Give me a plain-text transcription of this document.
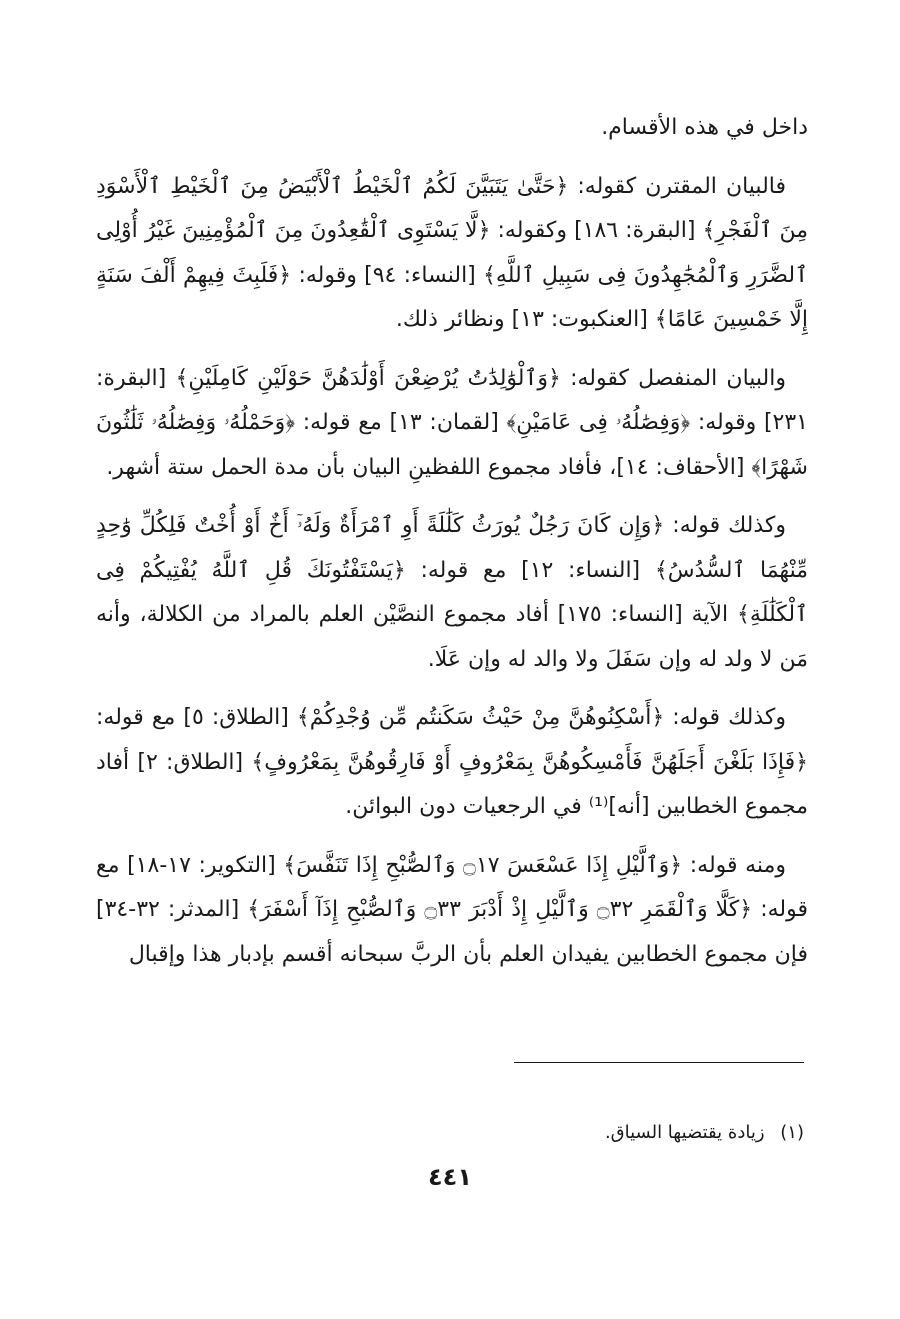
داخل في هذه الأقسام.

فالبيان المقترن كقوله: ﴿حَتَّىٰ يَتَبَيَّنَ لَكُمُ ٱلْخَيْطُ ٱلْأَبْيَضُ مِنَ ٱلْخَيْطِ ٱلْأَسْوَدِ مِنَ ٱلْفَجْرِ﴾ [البقرة: ١٨٦] وكقوله: ﴿لَّا يَسْتَوِى ٱلْقَٰعِدُونَ مِنَ ٱلْمُؤْمِنِينَ غَيْرُ أُوْلِى ٱلضَّرَرِ وَٱلْمُجَٰهِدُونَ فِى سَبِيلِ ٱللَّهِ﴾ [النساء: ٩٤] وقوله: ﴿فَلَبِثَ فِيهِمْ أَلْفَ سَنَةٍ إِلَّا خَمْسِينَ عَامًا﴾ [العنكبوت: ١٣] ونظائر ذلك.

والبيان المنفصل كقوله: ﴿وَٱلْوَٰلِدَٰتُ يُرْضِعْنَ أَوْلَٰدَهُنَّ حَوْلَيْنِ كَامِلَيْنِ﴾ [البقرة: ٢٣١] وقوله: ﴿وَفِصَٰلُهُۥ فِى عَامَيْنِ﴾ [لقمان: ١٣] مع قوله: ﴿وَحَمْلُهُۥ وَفِصَٰلُهُۥ ثَلَٰثُونَ شَهْرًا﴾ [الأحقاف: ١٤]، فأفاد مجموع اللفظينِ البيان بأن مدة الحمل ستة أشهر.

وكذلك قوله: ﴿وَإِن كَانَ رَجُلٌ يُورَثُ كَلَٰلَةً أَوِ ٱمْرَأَةٌ وَلَهُۥٓ أَخٌ أَوْ أُخْتٌ فَلِكُلِّ وَٰحِدٍ مِّنْهُمَا ٱلسُّدُسُ﴾ [النساء: ١٢] مع قوله: ﴿يَسْتَفْتُونَكَ قُلِ ٱللَّهُ يُفْتِيكُمْ فِى ٱلْكَلَٰلَةِ﴾ الآية [النساء: ١٧٥] أفاد مجموع النصَّيْن العلم بالمراد من الكلالة، وأنه مَن لا ولد له وإن سَفَلَ ولا والد له وإن عَلَا.

وكذلك قوله: ﴿أَسْكِنُوهُنَّ مِنْ حَيْثُ سَكَنتُم مِّن وُجْدِكُمْ﴾ [الطلاق: ٥] مع قوله: ﴿فَإِذَا بَلَغْنَ أَجَلَهُنَّ فَأَمْسِكُوهُنَّ بِمَعْرُوفٍ أَوْ فَارِقُوهُنَّ بِمَعْرُوفٍ﴾ [الطلاق: ٢] أفاد مجموع الخطابين [أنه]⁽¹⁾ في الرجعيات دون البوائن.

ومنه قوله: ﴿وَٱلَّيْلِ إِذَا عَسْعَسَ ۝١٧ وَٱلصُّبْحِ إِذَا تَنَفَّسَ﴾ [التكوير: ١٧-١٨] مع قوله: ﴿كَلَّا وَٱلْقَمَرِ ۝٣٢ وَٱلَّيْلِ إِذْ أَدْبَرَ ۝٣٣ وَٱلصُّبْحِ إِذَآ أَسْفَرَ﴾ [المدثر: ٣٢-٣٤] فإن مجموع الخطابين يفيدان العلم بأن الربَّ سبحانه أقسم بإدبار هذا وإقبال

(١) زيادة يقتضيها السياق.
٤٤١
